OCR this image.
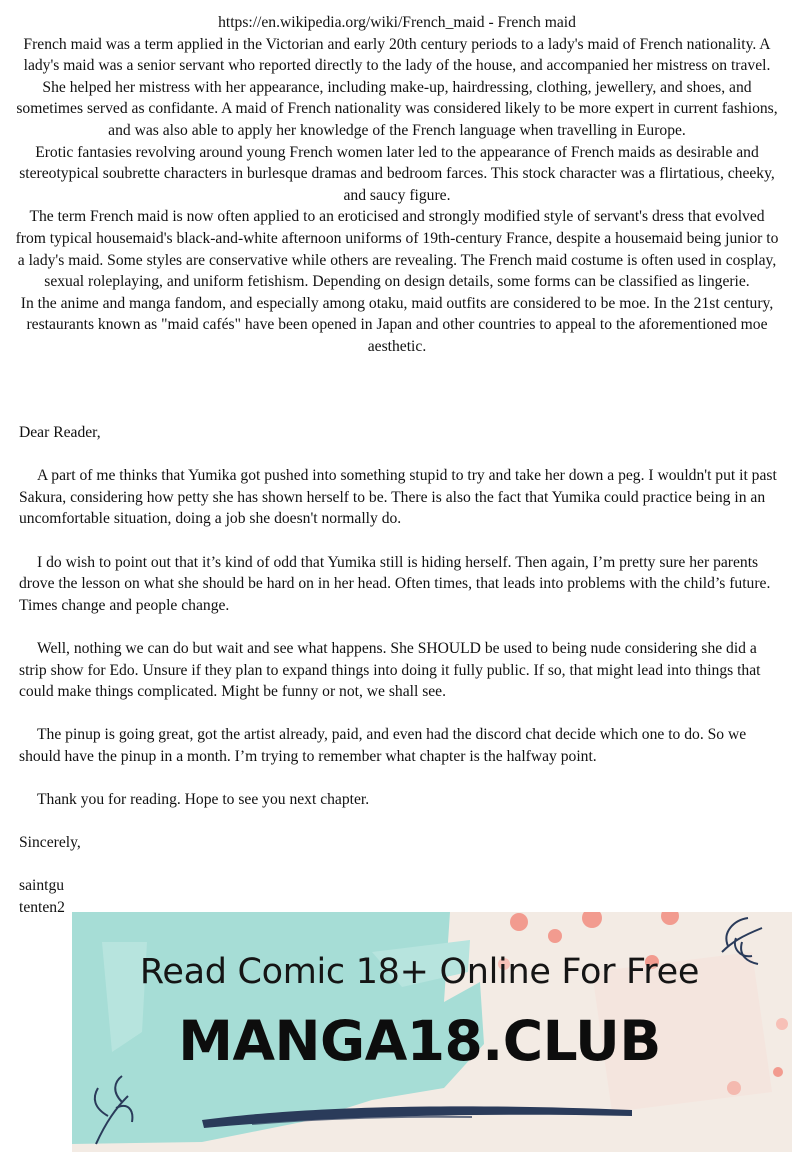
https://en.wikipedia.org/wiki/French_maid - French maid

French maid was a term applied in the Victorian and early 20th century periods to a lady's maid of French nationality. A lady's maid was a senior servant who reported directly to the lady of the house, and accompanied her mistress on travel. She helped her mistress with her appearance, including make-up, hairdressing, clothing, jewellery, and shoes, and sometimes served as confidante. A maid of French nationality was considered likely to be more expert in current fashions, and was also able to apply her knowledge of the French language when travelling in Europe.

Erotic fantasies revolving around young French women later led to the appearance of French maids as desirable and stereotypical soubrette characters in burlesque dramas and bedroom farces. This stock character was a flirtatious, cheeky, and saucy figure.

The term French maid is now often applied to an eroticised and strongly modified style of servant's dress that evolved from typical housemaid's black-and-white afternoon uniforms of 19th-century France, despite a housemaid being junior to a lady's maid. Some styles are conservative while others are revealing. The French maid costume is often used in cosplay, sexual roleplaying, and uniform fetishism. Depending on design details, some forms can be classified as lingerie.

In the anime and manga fandom, and especially among otaku, maid outfits are considered to be moe. In the 21st century, restaurants known as "maid cafés" have been opened in Japan and other countries to appeal to the aforementioned moe aesthetic.

Dear Reader,

A part of me thinks that Yumika got pushed into something stupid to try and take her down a peg. I wouldn't put it past Sakura, considering how petty she has shown herself to be. There is also the fact that Yumika could practice being in an uncomfortable situation, doing a job she doesn't normally do.

I do wish to point out that it’s kind of odd that Yumika still is hiding herself. Then again, I’m pretty sure her parents drove the lesson on what she should be hard on in her head. Often times, that leads into problems with the child’s future. Times change and people change.

Well, nothing we can do but wait and see what happens. She SHOULD be used to being nude considering she did a strip show for Edo. Unsure if they plan to expand things into doing it fully public. If so, that might lead into things that could make things complicated. Might be funny or not, we shall see.

The pinup is going great, got the artist already, paid, and even had the discord chat decide which one to do. So we should have the pinup in a month. I’m trying to remember what chapter is the halfway point.

Thank you for reading. Hope to see you next chapter.

Sincerely,

saintgu

tenten2

Read Comic 18+ Online For Free
MANGA18.CLUB
